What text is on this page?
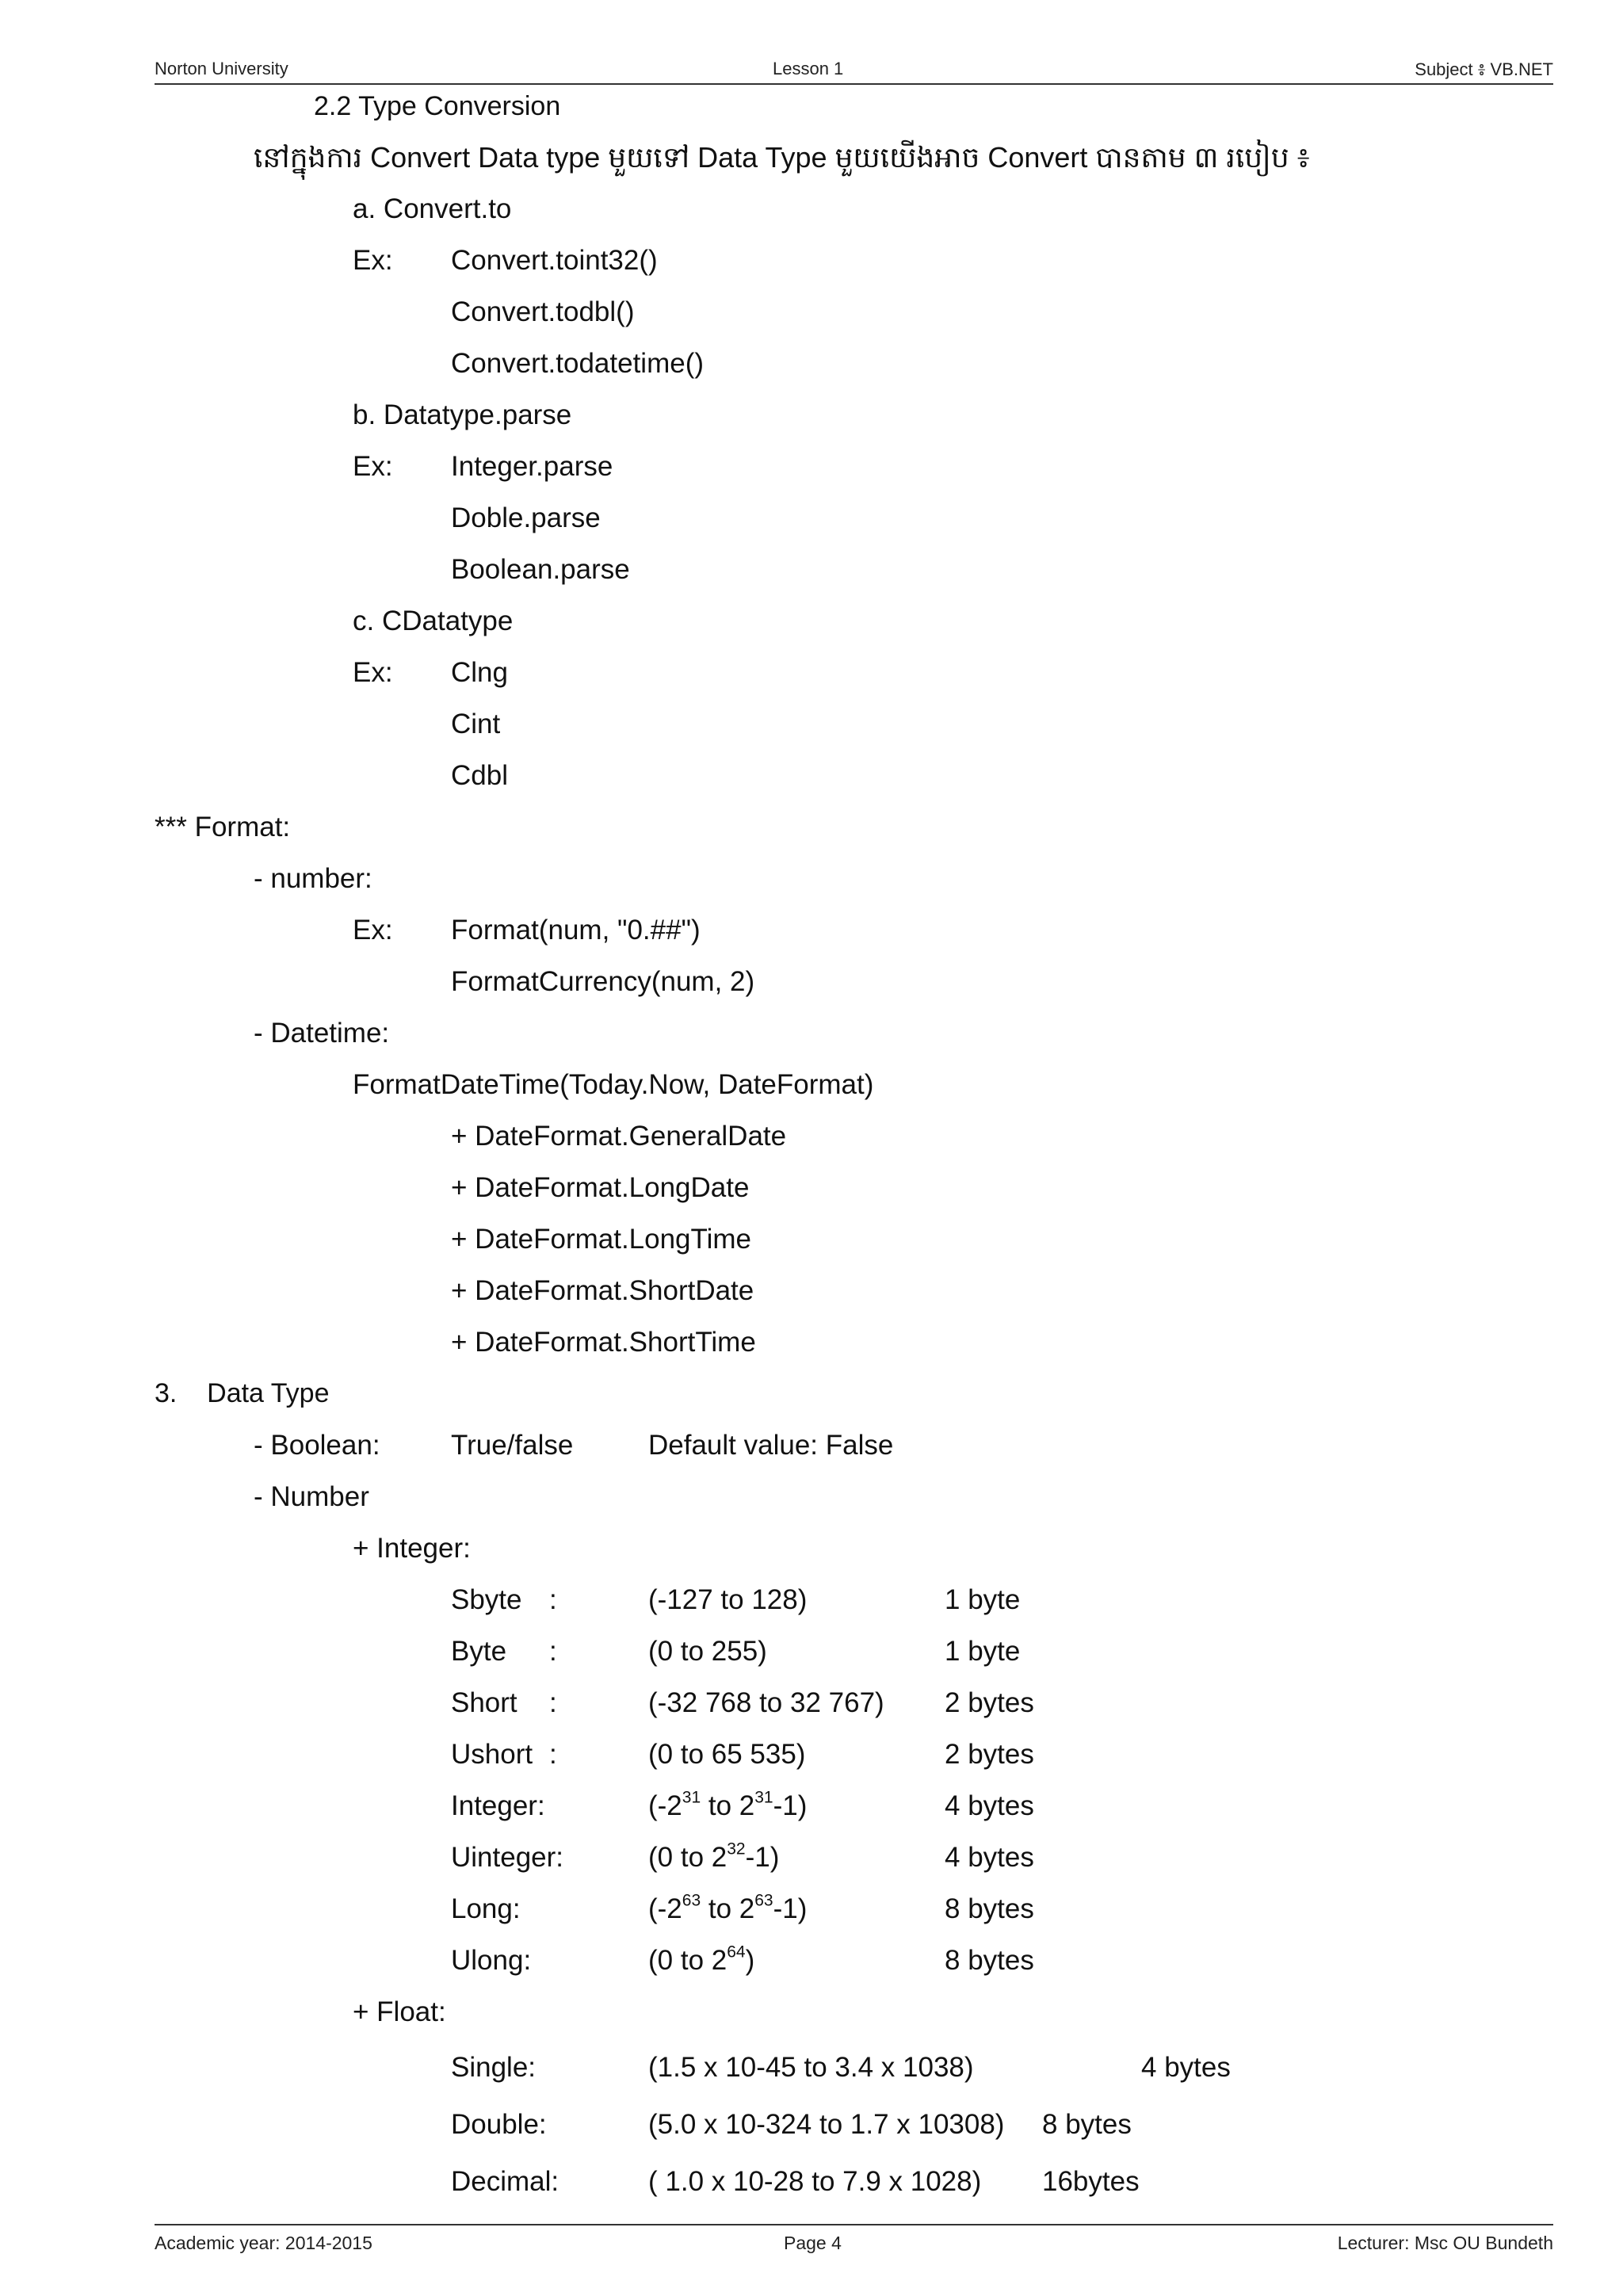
Norton University	Lesson 1	Subject ៖ VB.NET
2.2 Type Conversion
នៅក្នុងការ Convert Data type មួយទៅ Data Type មួយយើងអាច Convert បានតាម ៣ របៀប ៖
a. Convert.to
Ex: Convert.toint32()
Convert.todbl()
Convert.todatetime()
b. Datatype.parse
Ex: Integer.parse
Doble.parse
Boolean.parse
c. CDatatype
Ex: Clng
Cint
Cdbl
*** Format:
- number:
Ex: Format(num, "0.##")
FormatCurrency(num, 2)
- Datetime:
FormatDateTime(Today.Now, DateFormat)
+ DateFormat.GeneralDate
+ DateFormat.LongDate
+ DateFormat.LongTime
+ DateFormat.ShortDate
+ DateFormat.ShortTime
3.    Data Type
- Boolean:	True/false	Default value: False
- Number
+ Integer:
Sbyte :	(-127 to 128)	1 byte
Byte :	(0 to 255)	1 byte
Short :	(-32 768 to 32 767) 2 bytes
Ushort :	(0 to 65 535)	2 bytes
Integer:	($-2^{31}$ to $2^{31}-1$)	4 bytes
Uinteger:	(0 to $2^{32}-1$)	4 bytes
Long:	($-2^{63}$ to $2^{63}-1$)	8 bytes
Ulong:	(0 to $2^{64}$)	8 bytes
+ Float:
Single:	(1.5 x 10-45 to 3.4 x 1038)	4 bytes
Double:	(5.0 x 10-324 to 1.7 x 10308) 8 bytes
Decimal:	( 1.0 x 10-28 to 7.9 x 1028) 16bytes
Academic year: 2014-2015	Page 4	Lecturer: Msc OU Bundeth
